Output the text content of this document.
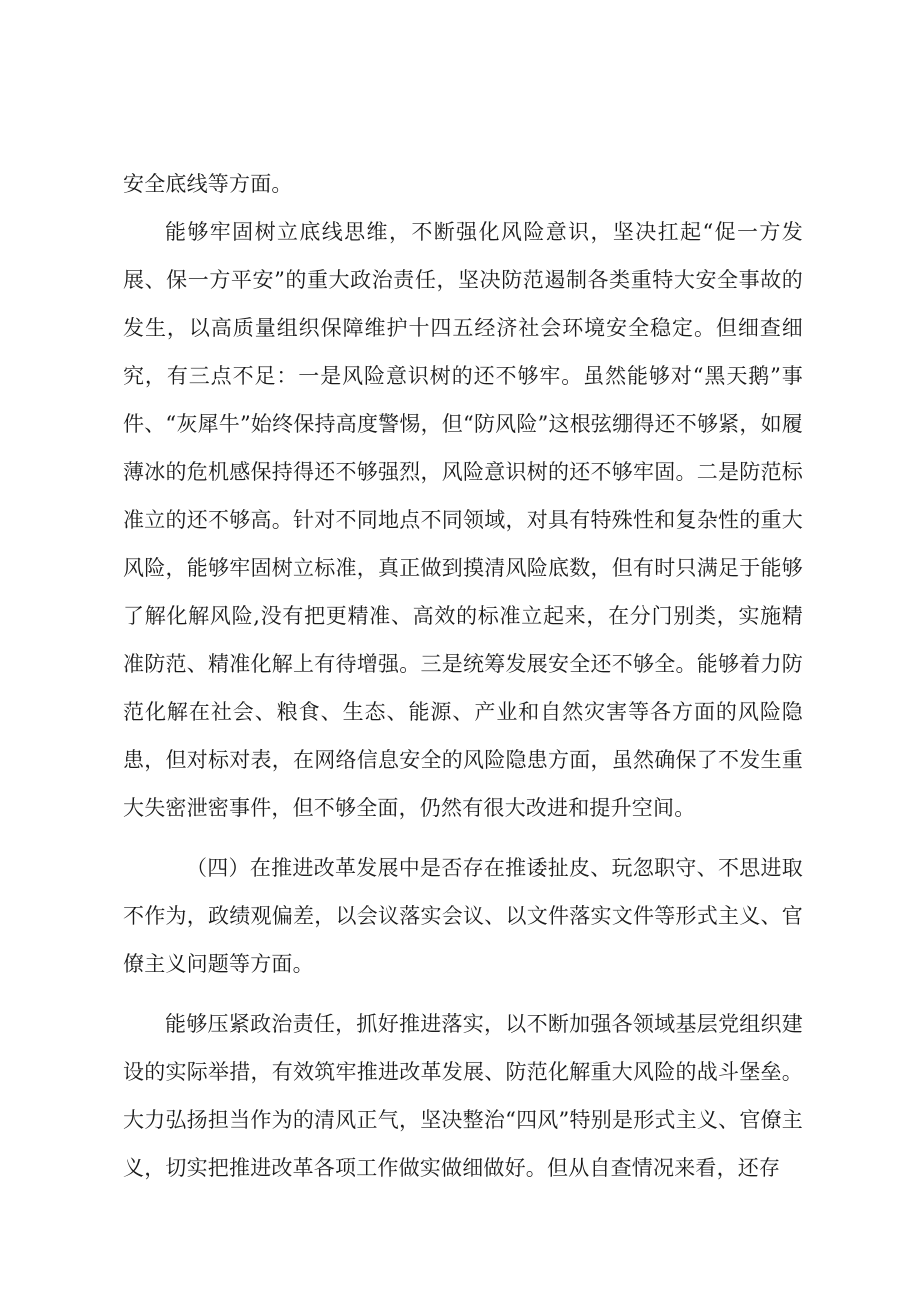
安全底线等方面。

能够牢固树立底线思维，不断强化风险意识，坚决扛起“促一方发展、保一方平安”的重大政治责任，坚决防范遏制各类重特大安全事故的发生，以高质量组织保障维护十四五经济社会环境安全稳定。但细查细究，有三点不足：一是风险意识树的还不够牢。虽然能够对“黑天鹅”事件、“灰犀牛”始终保持高度警惕，但“防风险”这根弦绷得还不够紧，如履薄冰的危机感保持得还不够强烈，风险意识树的还不够牢固。二是防范标准立的还不够高。针对不同地点不同领域，对具有特殊性和复杂性的重大风险，能够牢固树立标准，真正做到摸清风险底数，但有时只满足于能够了解化解风险,没有把更精准、高效的标准立起来，在分门别类，实施精准防范、精准化解上有待增强。三是统筹发展安全还不够全。能够着力防范化解在社会、粮食、生态、能源、产业和自然灾害等各方面的风险隐患，但对标对表，在网络信息安全的风险隐患方面，虽然确保了不发生重大失密泄密事件，但不够全面，仍然有很大改进和提升空间。

（四）在推进改革发展中是否存在推诿扯皮、玩忽职守、不思进取不作为，政绩观偏差，以会议落实会议、以文件落实文件等形式主义、官僚主义问题等方面。

能够压紧政治责任，抓好推进落实，以不断加强各领域基层党组织建设的实际举措，有效筑牢推进改革发展、防范化解重大风险的战斗堡垒。大力弘扬担当作为的清风正气，坚决整治“四风”特别是形式主义、官僚主义，切实把推进改革各项工作做实做细做好。但从自查情况来看，还存
